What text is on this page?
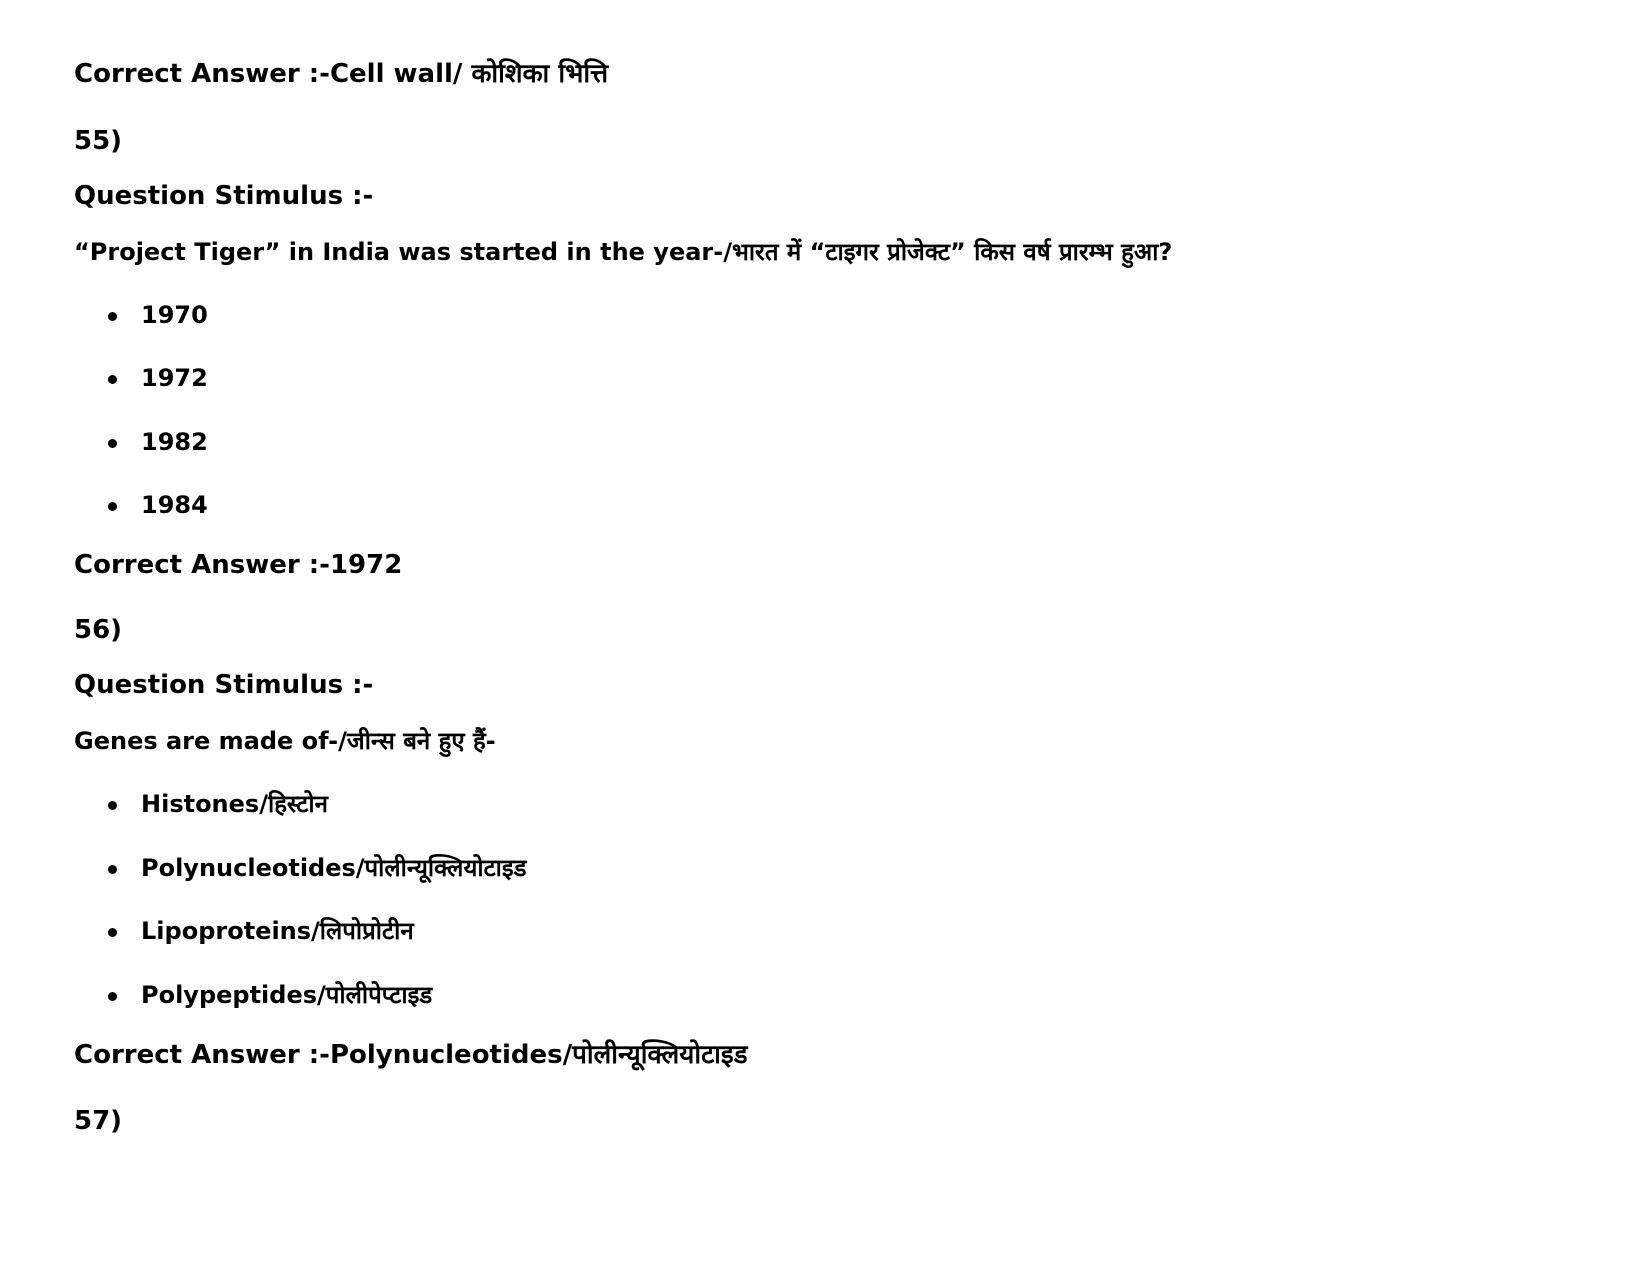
Correct Answer :-Cell wall/ कोशिका भित्ति
55)
Question Stimulus :-
“Project Tiger” in India was started in the year-/भारत में “टाइगर प्रोजेक्ट” किस वर्ष प्रारम्भ हुआ?
1970
1972
1982
1984
Correct Answer :-1972
56)
Question Stimulus :-
Genes are made of-/जीन्स बने हुए हैं-
Histones/हिस्टोन
Polynucleotides/पोलीन्यूक्लियोटाइड
Lipoproteins/लिपोप्रोटीन
Polypeptides/पोलीपेप्टाइड
Correct Answer :-Polynucleotides/पोलीन्यूक्लियोटाइड
57)
